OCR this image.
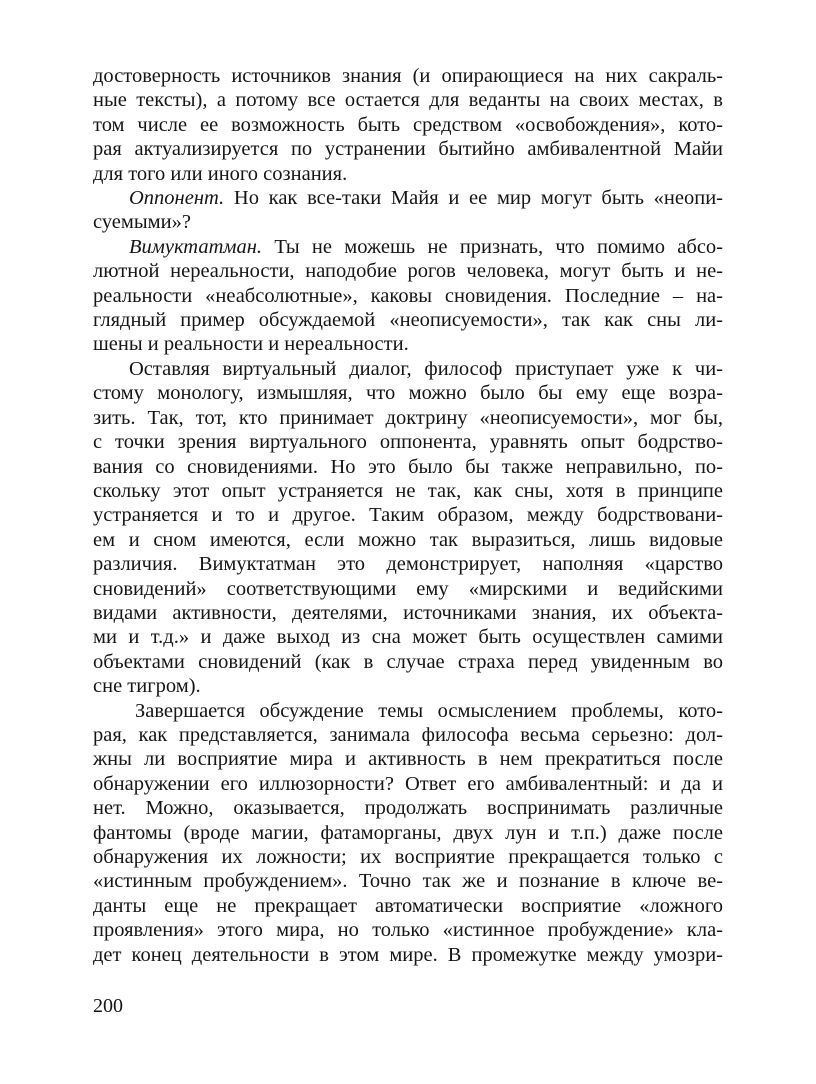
достоверность источников знания (и опирающиеся на них сакраль-
ные тексты), а потому все остается для веданты на своих местах, в
том числе ее возможность быть средством «освобождения», кото-
рая актуализируется по устранении бытийно амбивалентной Майи
для того или иного сознания.
Оппонент. Но как все-таки Майя и ее мир могут быть «неопи-
суемыми»?
Вимуктатман. Ты не можешь не признать, что помимо абсо-
лютной нереальности, наподобие рогов человека, могут быть и не-
реальности «неабсолютные», каковы сновидения. Последние – на-
глядный пример обсуждаемой «неописуемости», так как сны ли-
шены и реальности и нереальности.
Оставляя виртуальный диалог, философ приступает уже к чи-
стому монологу, измышляя, что можно было бы ему еще возра-
зить. Так, тот, кто принимает доктрину «неописуемости», мог бы,
с точки зрения виртуального оппонента, уравнять опыт бодрство-
вания со сновидениями. Но это было бы также неправильно, по-
скольку этот опыт устраняется не так, как сны, хотя в принципе
устраняется и то и другое. Таким образом, между бодрствовани-
ем и сном имеются, если можно так выразиться, лишь видовые
различия. Вимуктатман это демонстрирует, наполняя «царство
сновидений» соответствующими ему «мирскими и ведийскими
видами активности, деятелями, источниками знания, их объекта-
ми и т.д.» и даже выход из сна может быть осуществлен самими
объектами сновидений (как в случае страха перед увиденным во
сне тигром).
Завершается обсуждение темы осмыслением проблемы, кото-
рая, как представляется, занимала философа весьма серьезно: дол-
жны ли восприятие мира и активность в нем прекратиться после
обнаружении его иллюзорности? Ответ его амбивалентный: и да и
нет. Можно, оказывается, продолжать воспринимать различные
фантомы (вроде магии, фатаморганы, двух лун и т.п.) даже после
обнаружения их ложности; их восприятие прекращается только с
«истинным пробуждением». Точно так же и познание в ключе ве-
данты еще не прекращает автоматически восприятие «ложного
проявления» этого мира, но только «истинное пробуждение» кла-
дет конец деятельности в этом мире. В промежутке между умозри-
200
